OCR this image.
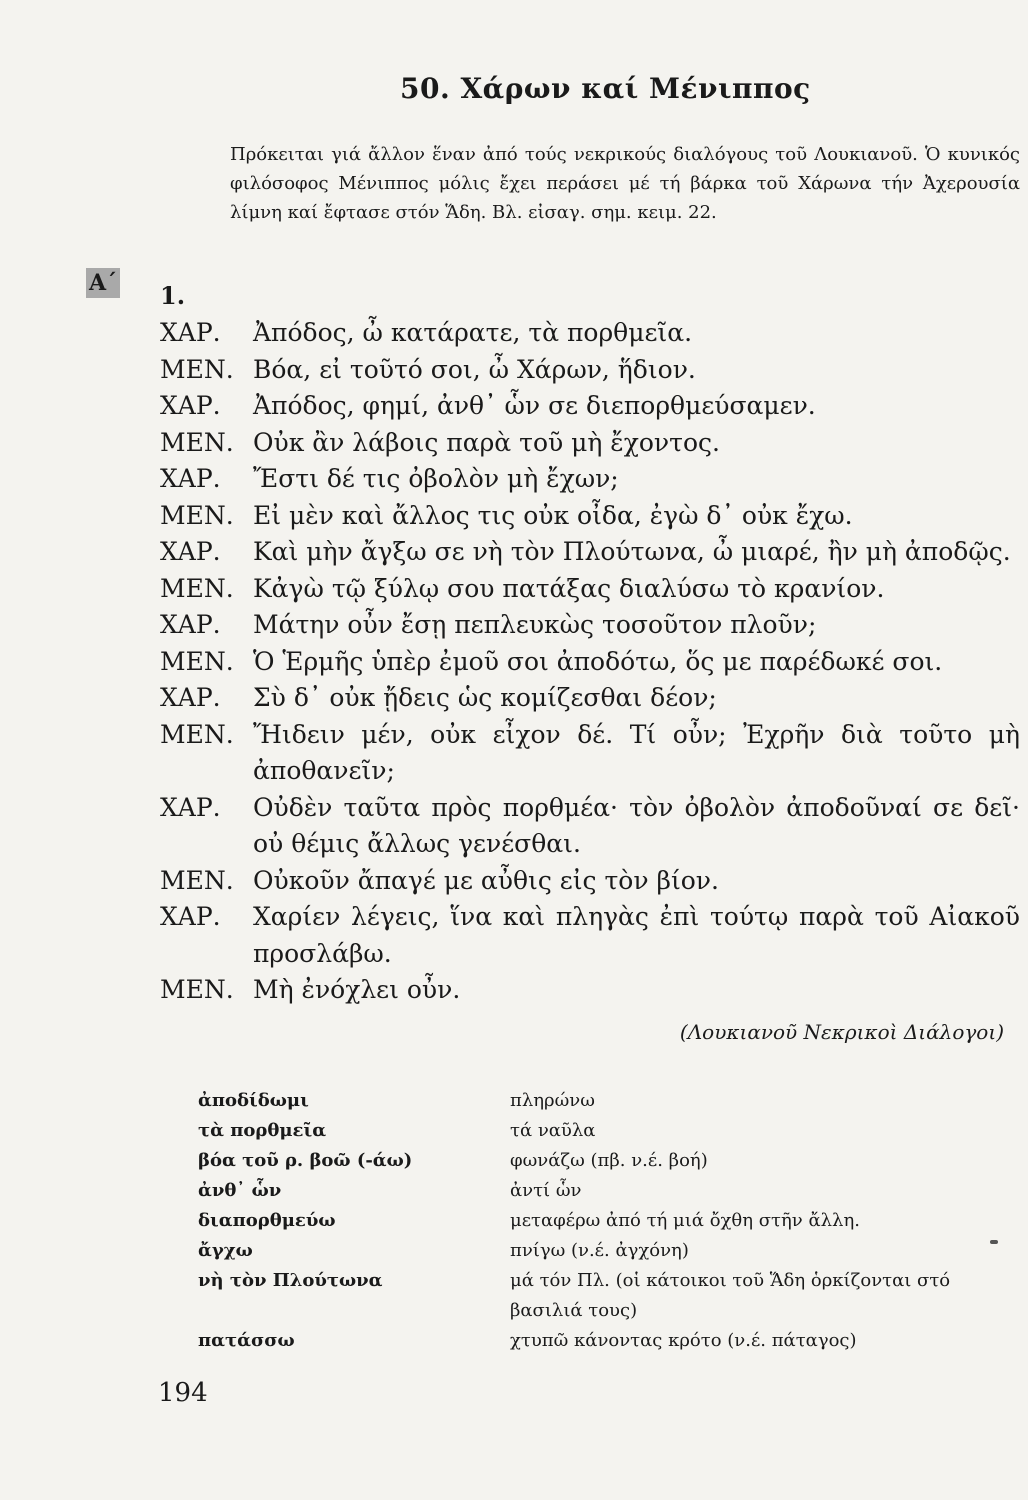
50. Χάρων καί Μένιππος

Πρόκειται γιά ἄλλον ἕναν ἀπό τούς νεκρικούς διαλόγους τοῦ Λουκιανοῦ. Ὁ κυνικός φιλόσοφος Μένιππος μόλις ἔχει περάσει μέ τή βάρκα τοῦ Χάρωνα τήν Ἀχερουσία λίμνη καί ἔφτασε στόν Ἅδη. Βλ. εἰσαγ. σημ. κειμ. 22.

Α΄ 1.
ΧΑΡ.	Ἀπόδος, ὦ κατάρατε, τὰ πορθμεῖα.
ΜΕΝ. Βόα, εἰ τοῦτό σοι, ὦ Χάρων, ἥδιον.
ΧΑΡ.	Ἀπόδος, φημί, ἀνθ᾽ ὧν σε διεπορθμεύσαμεν.
ΜΕΝ. Οὐκ ἂν λάβοις παρὰ τοῦ μὴ ἔχοντος.
ΧΑΡ.	Ἔστι δέ τις ὀβολὸν μὴ ἔχων;
ΜΕΝ. Εἰ μὲν καὶ ἄλλος τις οὐκ οἶδα, ἐγὼ δ᾽ οὐκ ἔχω.
ΧΑΡ.	Καὶ μὴν ἄγξω σε νὴ τὸν Πλούτωνα, ὦ μιαρέ, ἢν μὴ ἀποδῷς.
ΜΕΝ. Κἀγὼ τῷ ξύλῳ σου πατάξας διαλύσω τὸ κρανίον.
ΧΑΡ.	Μάτην οὖν ἔσῃ πεπλευκὼς τοσοῦτον πλοῦν;
ΜΕΝ. Ὁ Ἑρμῆς ὑπὲρ ἐμοῦ σοι ἀποδότω, ὅς με παρέδωκέ σοι.
ΧΑΡ.	Σὺ δ᾽ οὐκ ᾔδεις ὡς κομίζεσθαι δέον;
ΜΕΝ. Ἤιδειν μέν, οὐκ εἶχον δέ. Τί οὖν; Ἐχρῆν διὰ τοῦτο μὴ ἀποθανεῖν;
ΧΑΡ.	Οὐδὲν ταῦτα πρὸς πορθμέα· τὸν ὀβολὸν ἀποδοῦναί σε δεῖ· οὐ θέμις ἄλλως γενέσθαι.
ΜΕΝ. Οὐκοῦν ἄπαγέ με αὖθις εἰς τὸν βίον.
ΧΑΡ.	Χαρίεν λέγεις, ἵνα καὶ πληγὰς ἐπὶ τούτῳ παρὰ τοῦ Αἰακοῦ προσλάβω.
ΜΕΝ. Μὴ ἐνόχλει οὖν.
(Λουκιανοῦ Νεκρικοὶ Διάλογοι)
ἀποδίδωμι	πληρώνω
τὰ πορθμεῖα	τά ναῦλα
βόα τοῦ ρ. βοῶ (-άω)	φωνάζω (πβ. ν.έ. βοή)
ἀνθ᾽ ὧν	ἀντί ὧν
διαπορθμεύω	μεταφέρω ἀπό τή μιά ὄχθη στῆν ἄλλη.
ἄγχω	πνίγω (ν.έ. ἀγχόνη)
νὴ τὸν Πλούτωνα	μά τόν Πλ. (οἱ κάτοικοι τοῦ Ἅδη ὁρκίζονται στό βασιλιά τους)
πατάσσω	χτυπῶ κάνοντας κρότο (ν.έ. πάταγος)
194
